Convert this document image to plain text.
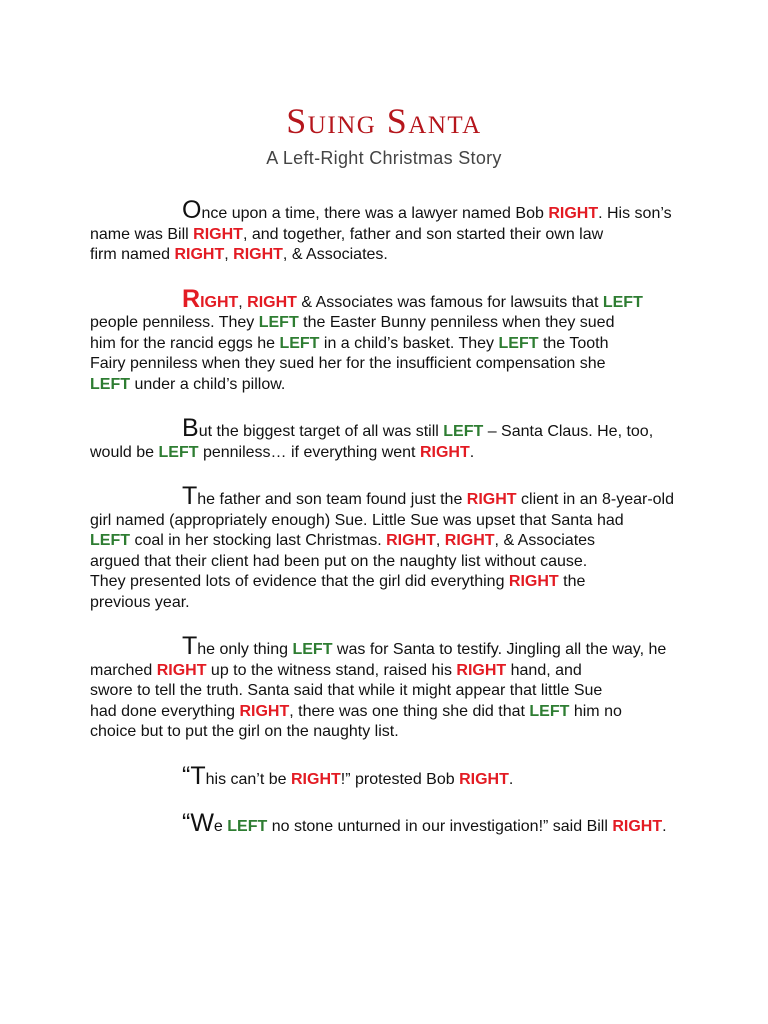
Suing Santa
A Left-Right Christmas Story

Once upon a time, there was a lawyer named Bob RIGHT. His son’s
name was Bill RIGHT, and together, father and son started their own law
firm named RIGHT, RIGHT, & Associates.

RIGHT, RIGHT & Associates was famous for lawsuits that LEFT
people penniless. They LEFT the Easter Bunny penniless when they sued
him for the rancid eggs he LEFT in a child’s basket. They LEFT the Tooth
Fairy penniless when they sued her for the insufficient compensation she
LEFT under a child’s pillow.

But the biggest target of all was still LEFT – Santa Claus. He, too,
would be LEFT penniless… if everything went RIGHT.

The father and son team found just the RIGHT client in an 8-year-old
girl named (appropriately enough) Sue. Little Sue was upset that Santa had
LEFT coal in her stocking last Christmas. RIGHT, RIGHT, & Associates
argued that their client had been put on the naughty list without cause.
They presented lots of evidence that the girl did everything RIGHT the
previous year.

The only thing LEFT was for Santa to testify. Jingling all the way, he
marched RIGHT up to the witness stand, raised his RIGHT hand, and
swore to tell the truth. Santa said that while it might appear that little Sue
had done everything RIGHT, there was one thing she did that LEFT him no
choice but to put the girl on the naughty list.

“This can’t be RIGHT!” protested Bob RIGHT.

“We LEFT no stone unturned in our investigation!” said Bill RIGHT.
